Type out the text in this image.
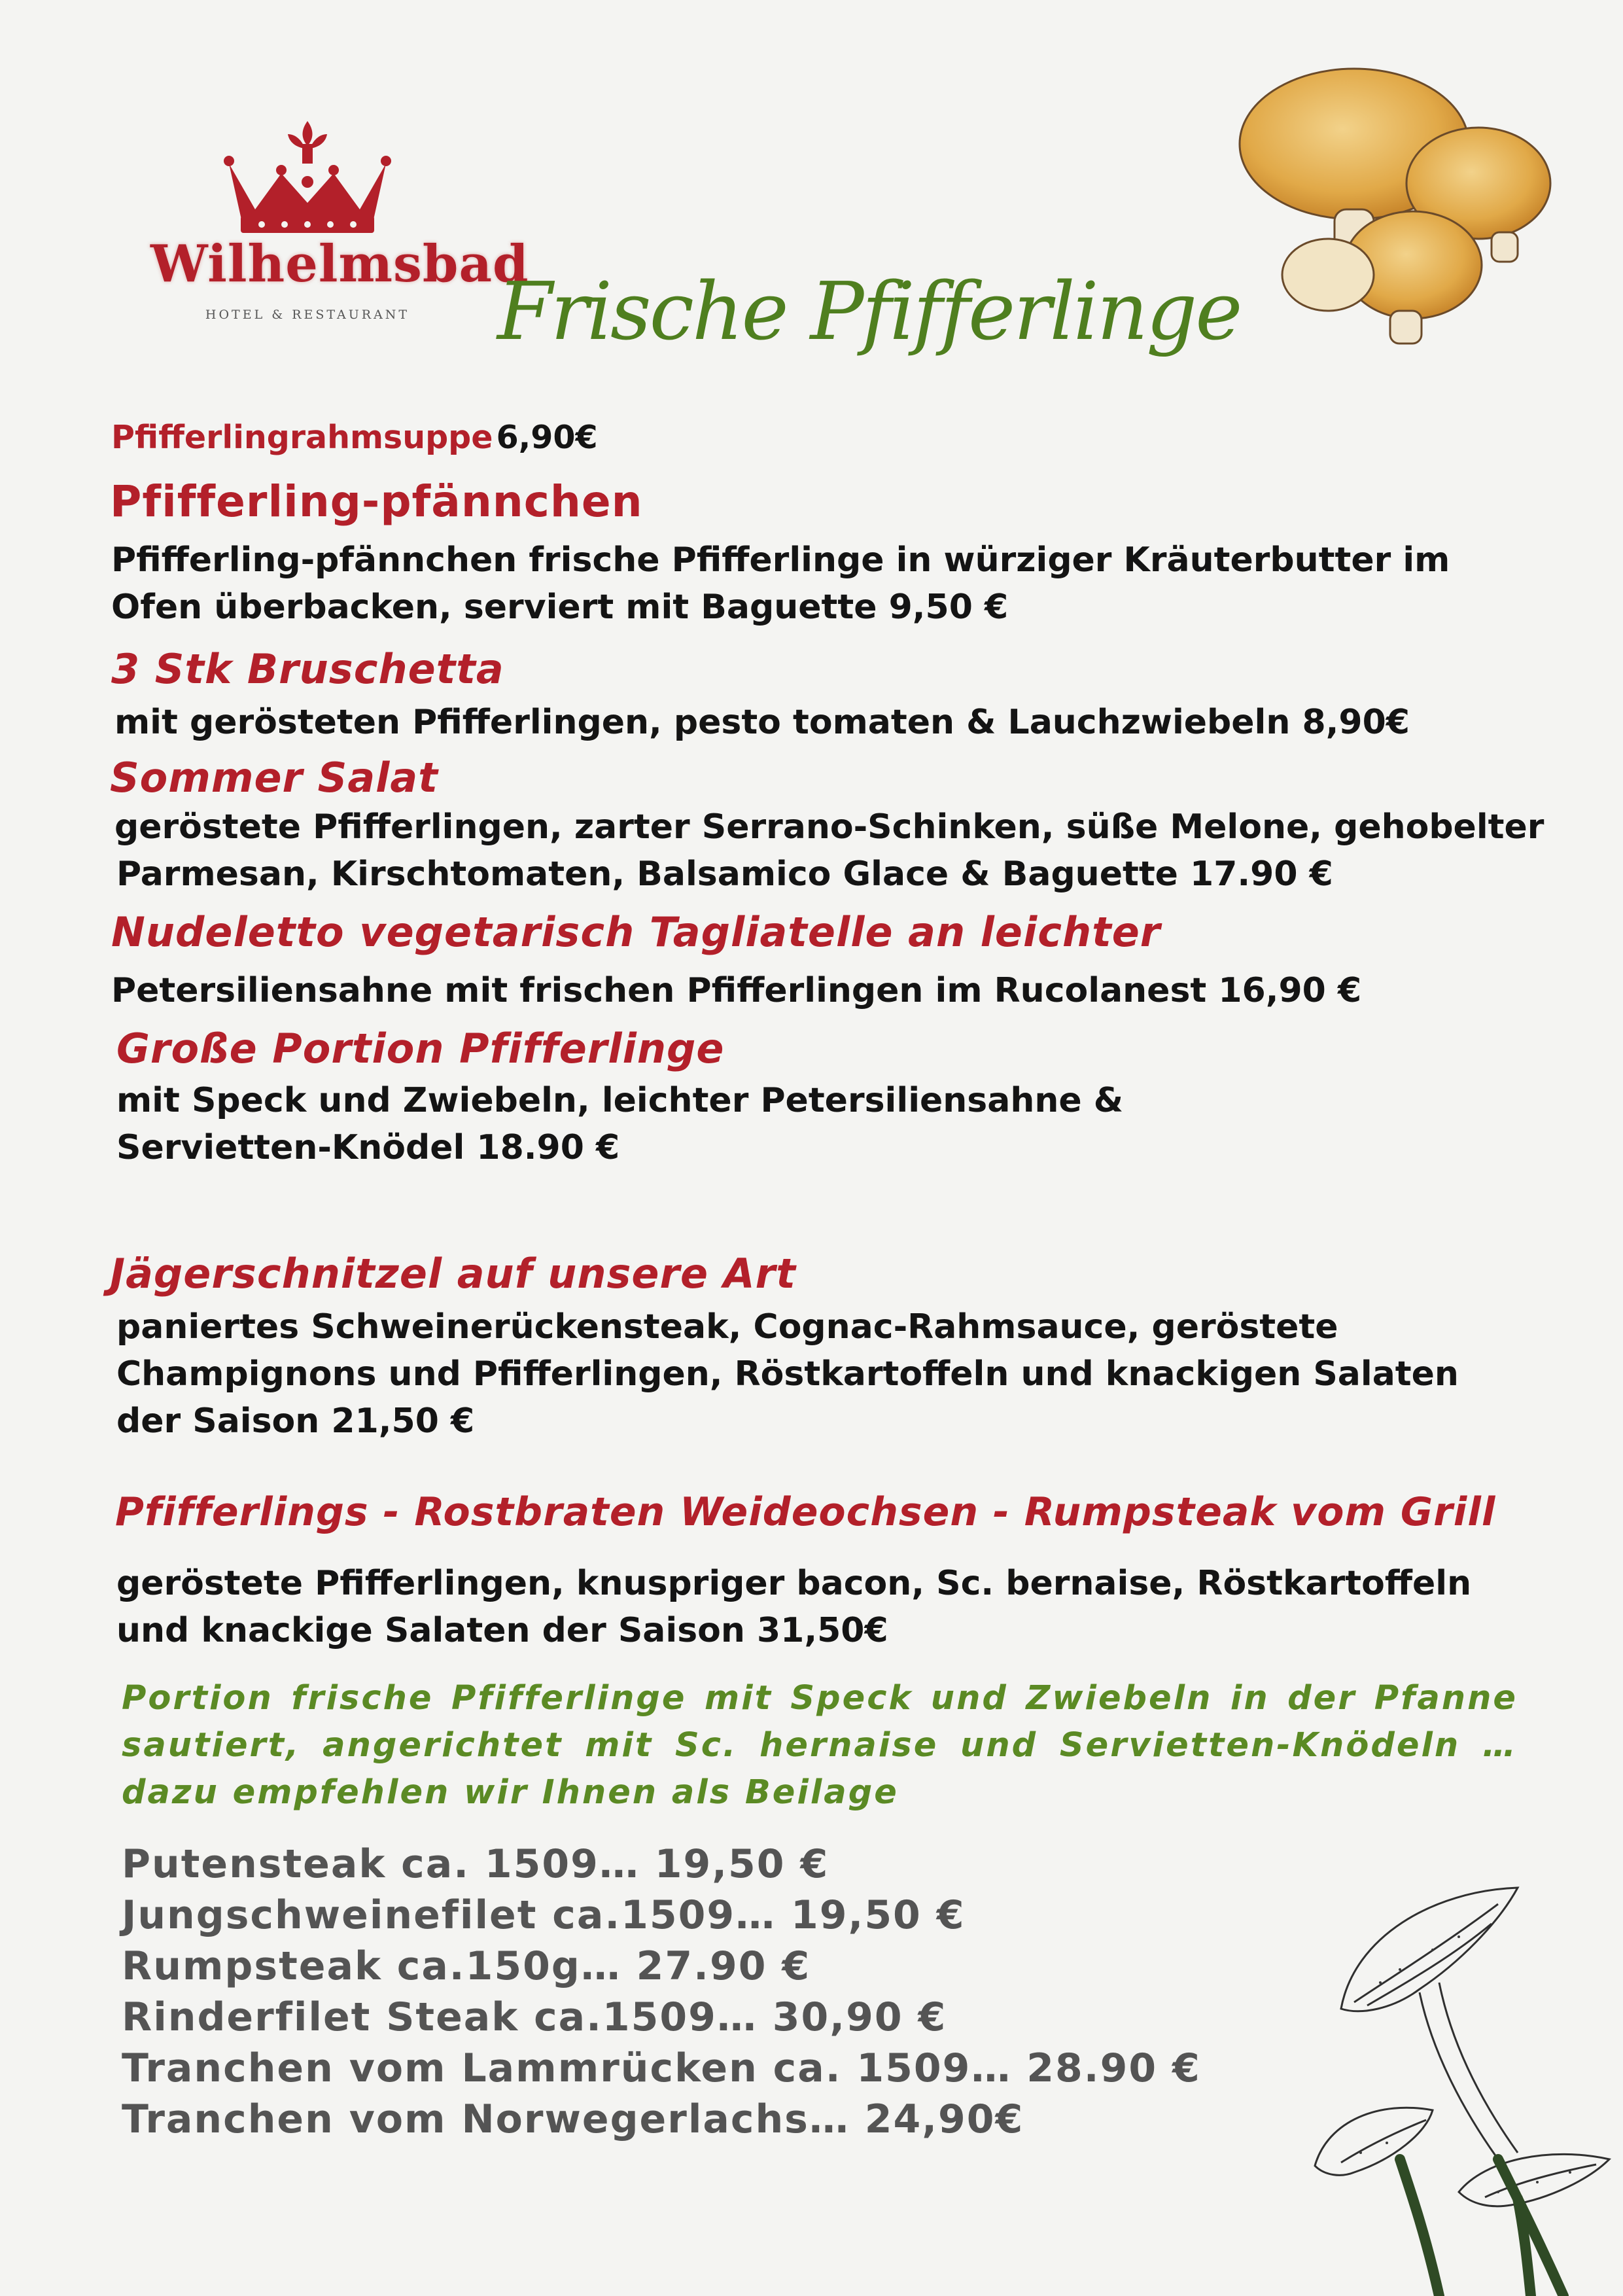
Wilhelmsbad
HOTEL & RESTAURANT	Frische Pfifferlinge
Pfifferlingrahmsuppe 6,90€
Pfifferling-pfännchen
Pfifferling-pfännchen frische Pfifferlinge in würziger Kräuterbutter im
Ofen überbacken, serviert mit Baguette 9,50 €
3 Stk Bruschetta
mit gerösteten Pfifferlingen, pesto tomaten & Lauchzwiebeln 8,90€
Sommer Salat
geröstete Pfifferlingen, zarter Serrano-Schinken, süße Melone, gehobelter
Parmesan, Kirschtomaten, Balsamico Glace & Baguette 17.90 €
Nudeletto vegetarisch Tagliatelle an leichter
Petersiliensahne mit frischen Pfifferlingen im Rucolanest 16,90 €
Große Portion Pfifferlinge
mit Speck und Zwiebeln, leichter Petersiliensahne &
Servietten-Knödel 18.90 €
Jägerschnitzel auf unsere Art
paniertes Schweinerückensteak, Cognac-Rahmsauce, geröstete
Champignons und Pfifferlingen, Röstkartoffeln und knackigen Salaten
der Saison 21,50 €
Pfifferlings - Rostbraten Weideochsen - Rumpsteak vom Grill
geröstete Pfifferlingen, knuspriger bacon, Sc. bernaise, Röstkartoffeln
und knackige Salaten der Saison 31,50€
Portion frische Pfifferlinge mit Speck und Zwiebeln in der Pfanne sautiert, angerichtet mit Sc. hernaise und Servietten-Knödeln … dazu empfehlen wir Ihnen als Beilage
Putensteak ca. 1509… 19,50 €
Jungschweinefilet ca.1509… 19,50 €
Rumpsteak ca.150g… 27.90 €
Rinderfilet Steak ca.1509… 30,90 €
Tranchen vom Lammrücken ca. 1509… 28.90 €
Tranchen vom Norwegerlachs… 24,90€
